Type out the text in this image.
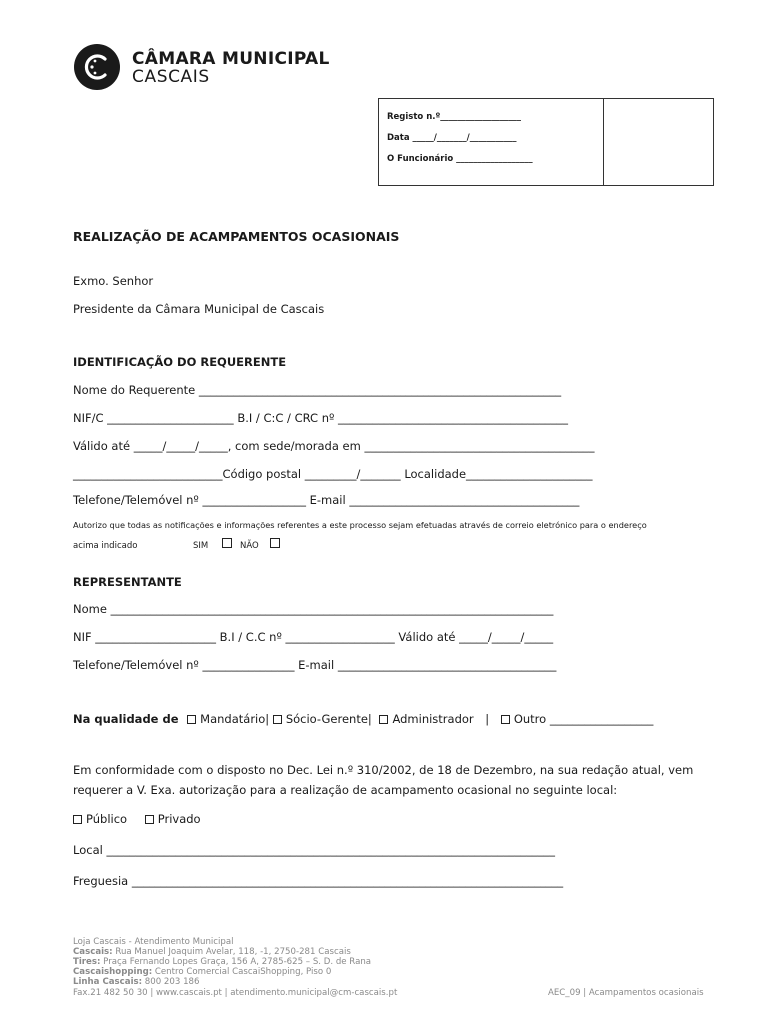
CÂMARA MUNICIPAL
CASCAIS
Registo n.º___________________
Data _____/_______/___________
O Funcionário __________________
REALIZAÇÃO DE ACAMPAMENTOS OCASIONAIS
Exmo. Senhor
Presidente da Câmara Municipal de Cascais
IDENTIFICAÇÃO DO REQUERENTE
Nome do Requerente _______________________________________________________________
NIF/C ______________________ B.I / C:C / CRC nº ________________________________________
Válido até _____/_____/_____, com sede/morada em ________________________________________
__________________________Código postal _________/_______ Localidade______________________
Telefone/Telemóvel nº __________________ E-mail ________________________________________
Autorizo que todas as notificações e informações referentes a este processo sejam efetuadas através de correio eletrónico para o endereço
acima indicado	SIM	NÃO
REPRESENTANTE
Nome _____________________________________________________________________________
NIF _____________________ B.I / C.C nº ___________________ Válido até _____/_____/_____
Telefone/Telemóvel nº ________________ E-mail ______________________________________
Na qualidade de Mandatário| Sócio-Gerente| Administrador | Outro __________________
Em conformidade com o disposto no Dec. Lei n.º 310/2002, de 18 de Dezembro, na sua redação atual, vem
requerer a V. Exa. autorização para a realização de acampamento ocasional no seguinte local:
Público	Privado
Local ______________________________________________________________________________
Freguesia ___________________________________________________________________________
Loja Cascais - Atendimento Municipal
Cascais: Rua Manuel Joaquim Avelar, 118, -1, 2750-281 Cascais
Tires: Praça Fernando Lopes Graça, 156 A, 2785-625 – S. D. de Rana
Cascaishopping: Centro Comercial CascaiShopping, Piso 0
Linha Cascais: 800 203 186
Fax.21 482 50 30 | www.cascais.pt | atendimento.municipal@cm-cascais.pt	AEC_09 | Acampamentos ocasionais
